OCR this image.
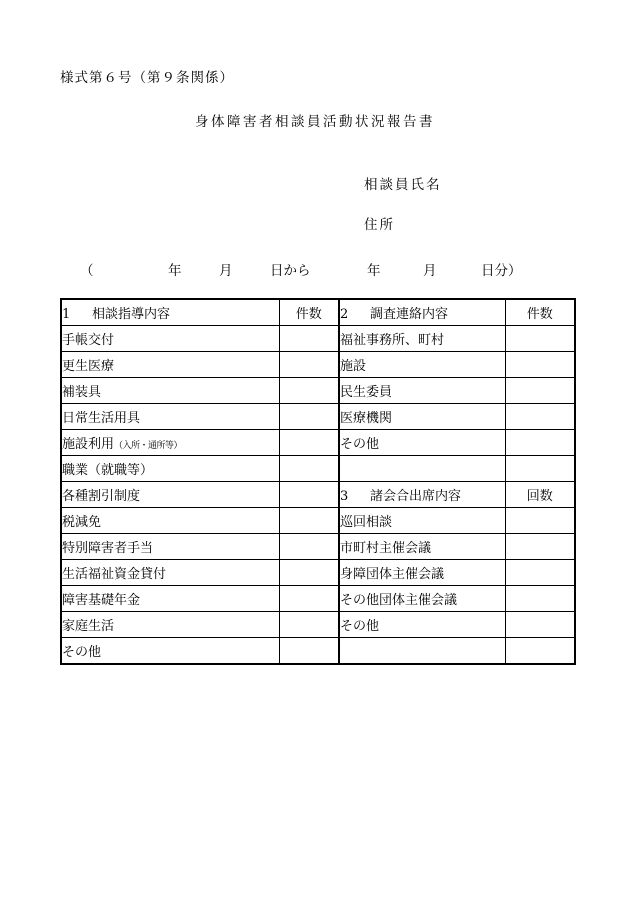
様式第６号（第９条関係）
身体障害者相談員活動状況報告書
相談員氏名
住所
（	年	月	日から	年	月	日分）
1 相談指導内容	件数	2 調査連絡内容	件数
手帳交付		福祉事務所、町村	
更生医療		施設	
補装具		民生委員	
日常生活用具		医療機関	
施設利用（入所・通所等）		その他	
職業（就職等）			
各種割引制度		3 諸会合出席内容	回数
税減免		巡回相談	
特別障害者手当		市町村主催会議	
生活福祉資金貸付		身障団体主催会議	
障害基礎年金		その他団体主催会議	
家庭生活		その他	
その他			
